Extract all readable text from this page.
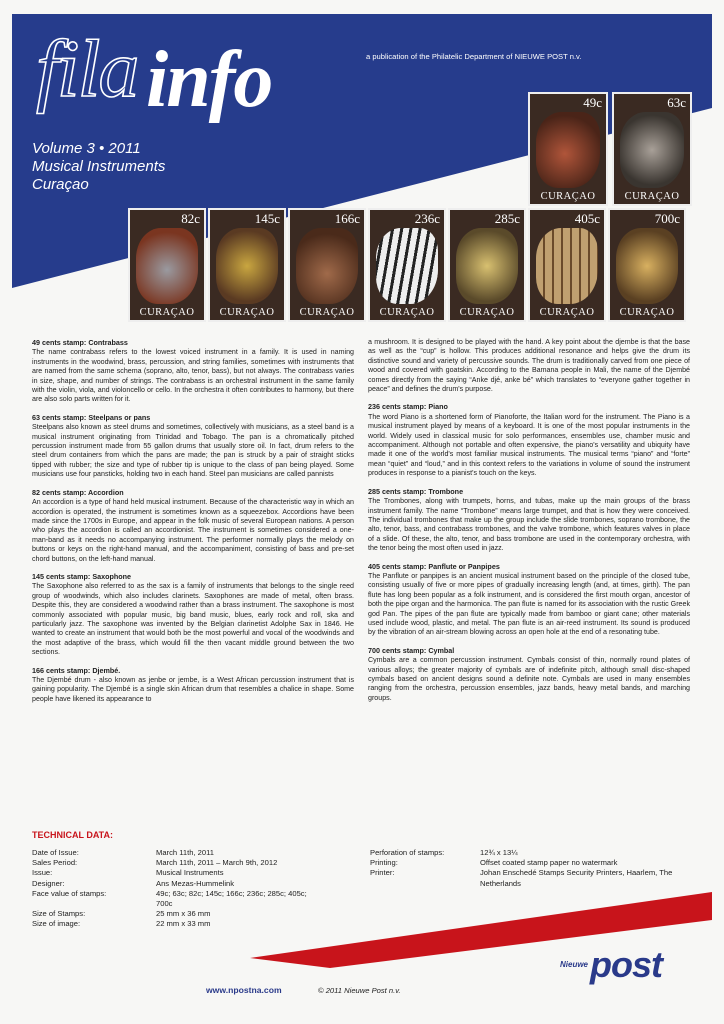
a publication of the Philatelic Department of NIEUWE POST n.v.
fila info
Volume 3 • 2011
Musical Instruments
Curaçao
49c
CURAÇAO
63c
CURAÇAO
82c
CURAÇAO
145c
CURAÇAO
166c
CURAÇAO
236c
CURAÇAO
285c
CURAÇAO
405c
CURAÇAO
700c
CURAÇAO
49 cents stamp: Contrabass

The name contrabass refers to the lowest voiced instrument in a family. It is used in naming instruments in the woodwind, brass, percussion, and string families, sometimes with instruments that are named from the same schema (soprano, alto, tenor, bass), but not always. The contrabass varies in size, shape, and number of strings. The contrabass is an orchestral instrument in the same family with the violin, viola, and violoncello or cello. In the orchestra it often contributes to harmony, but there are also solo parts written for it.

63 cents stamp: Steelpans or pans

Steelpans also known as steel drums and sometimes, collectively with musicians, as a steel band is a musical instrument originating from Trinidad and Tobago. The pan is a chromatically pitched percussion instrument made from 55 gallon drums that usually store oil. In fact, drum refers to the steel drum containers from which the pans are made; the pan is struck by a pair of straight sticks tipped with rubber; the size and type of rubber tip is unique to the class of pan being played. Some musicians use four pansticks, holding two in each hand. Steel pan musicians are called pannists

82 cents stamp: Accordion

An accordion is a type of hand held musical instrument. Because of the characteristic way in which an accordion is operated, the instrument is sometimes known as a squeezebox. Accordions have been made since the 1700s in Europe, and appear in the folk music of several European nations. A person who plays the accordion is called an accordionist. The instrument is sometimes considered a one-man-band as it needs no accompanying instrument. The performer normally plays the melody on buttons or keys on the right-hand manual, and the accompaniment, consisting of bass and pre-set chord buttons, on the left-hand manual.

145 cents stamp: Saxophone

The Saxophone also referred to as the sax is a family of instruments that belongs to the single reed group of woodwinds, which also includes clarinets. Saxophones are made of metal, often brass. Despite this, they are considered a woodwind rather than a brass instrument. The saxophone is most commonly associated with popular music, big band music, blues, early rock and roll, ska and particularly jazz. The saxophone was invented by the Belgian clarinetist Adolphe Sax in 1846. He wanted to create an instrument that would both be the most powerful and vocal of the woodwinds and the most adaptive of the brass, which would fill the then vacant middle ground between the two sections.

166 cents stamp: Djembé.

The Djembé drum - also known as jenbe or jembe, is a West African percussion instrument that is gaining popularity. The Djembé is a single skin African drum that resembles a chalice in shape. Some people have likened its appearance to

a mushroom. It is designed to be played with the hand. A key point about the djembe is that the base as well as the “cup” is hollow. This produces additional resonance and helps give the drum its distinctive sound and variety of percussive sounds. The drum is traditionally carved from one piece of wood and covered with goatskin. According to the Bamana people in Mali, the name of the Djembé comes directly from the saying “Anke djé, anke bé” which translates to “everyone gather together in peace” and defines the drum's purpose.

236 cents stamp: Piano

The word Piano is a shortened form of Pianoforte, the Italian word for the instrument. The Piano is a musical instrument played by means of a keyboard. It is one of the most popular instruments in the world. Widely used in classical music for solo performances, ensembles use, chamber music and accompaniment. Although not portable and often expensive, the piano's versatility and ubiquity have made it one of the world's most familiar musical instruments. The musical terms “piano” and “forte” mean “quiet” and “loud,” and in this context refers to the variations in volume of sound the instrument produces in response to a pianist's touch on the keys.

285 cents stamp: Trombone

The Trombones, along with trumpets, horns, and tubas, make up the main groups of the brass instrument family. The name “Trombone” means large trumpet, and that is how they were conceived. The individual trombones that make up the group include the slide trombones, soprano trombone, the alto, tenor, bass, and contrabass trombones, and the valve trombone, which features valves in place of a slide. Of these, the alto, tenor, and bass trombone are used in the contemporary orchestra, with the tenor being the most often used in jazz.

405 cents stamp: Panflute or Panpipes

The Panflute or panpipes is an ancient musical instrument based on the principle of the closed tube, consisting usually of five or more pipes of gradually increasing length (and, at times, girth). The pan flute has long been popular as a folk instrument, and is considered the first mouth organ, ancestor of both the pipe organ and the harmonica. The pan flute is named for its association with the rustic Greek god Pan. The pipes of the pan flute are typically made from bamboo or giant cane; other materials used include wood, plastic, and metal. The pan flute is an air-reed instrument. Its sound is produced by the vibration of an air-stream blowing across an open hole at the end of a resonating tube.

700 cents stamp: Cymbal

Cymbals are a common percussion instrument. Cymbals consist of thin, normally round plates of various alloys; the greater majority of cymbals are of indefinite pitch, although small disc-shaped cymbals based on ancient designs sound a definite note. Cymbals are used in many ensembles ranging from the orchestra, percussion ensembles, jazz bands, heavy metal bands, and marching groups.

TECHNICAL DATA:
Date of Issue:	March 11th, 2011
Sales Period:	March 11th, 2011 – March 9th, 2012
Issue:	Musical Instruments
Designer:	Ans Mezas-Hummelink
Face value of stamps:	49c; 63c; 82c; 145c; 166c; 236c; 285c; 405c; 700c
Size of Stamps:	25 mm x 36 mm
Size of image:	22 mm x 33 mm
Perforation of stamps:	12¾ x 13¼
Printing:	Offset coated stamp paper no watermark
Printer:	Johan Enschedé Stamps Security Printers, Haarlem, The Netherlands
Nieuwe post
www.npostna.com	© 2011 Nieuwe Post n.v.
